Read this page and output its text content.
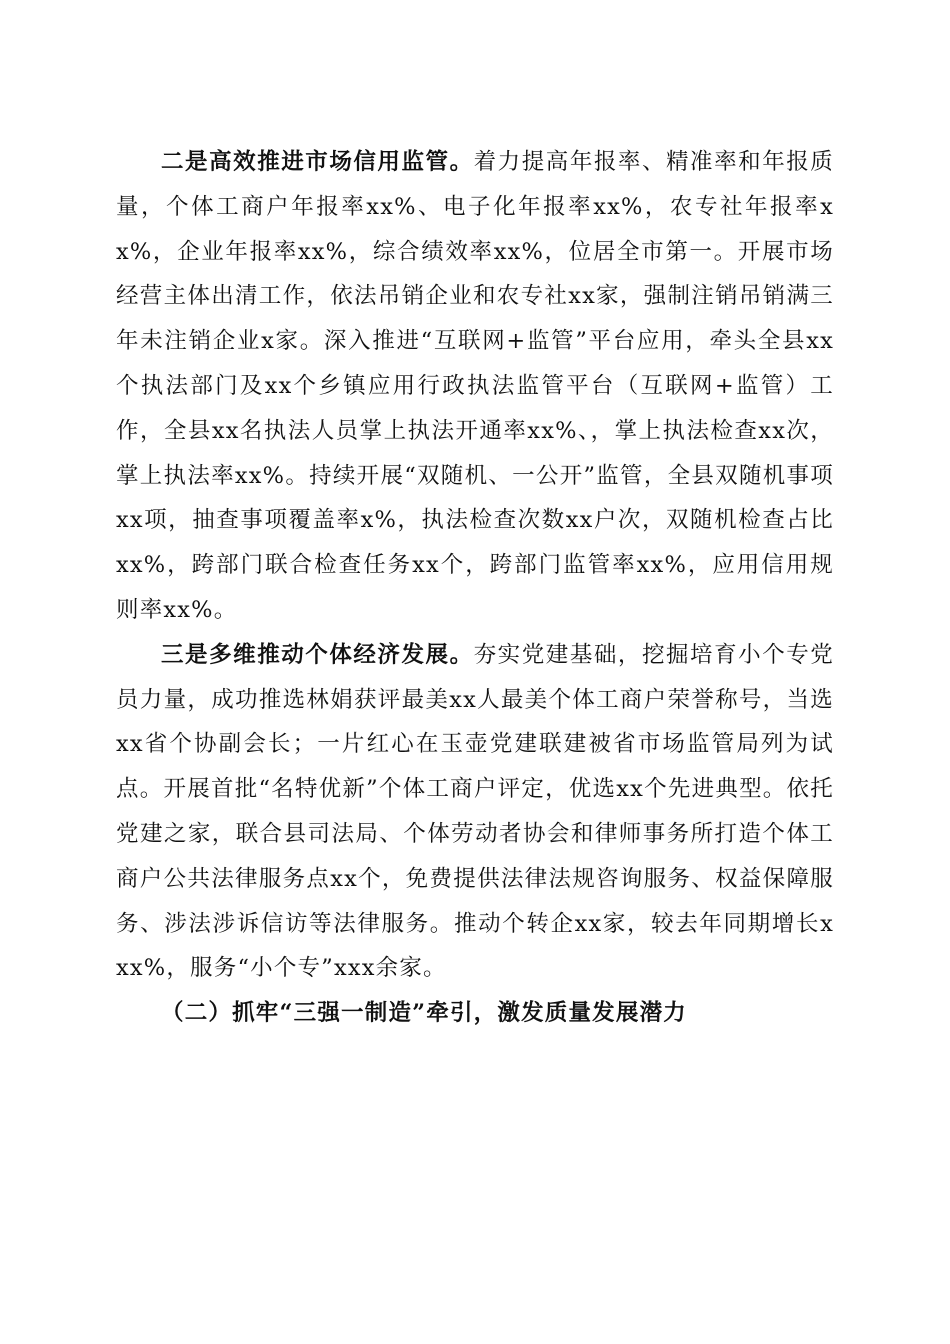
二是高效推进市场信用监管。着力提高年报率、精准率和年报质量，个体工商户年报率xx%、电子化年报率xx%，农专社年报率xx%，企业年报率xx%，综合绩效率xx%，位居全市第一。开展市场经营主体出清工作，依法吊销企业和农专社xx家，强制注销吊销满三年未注销企业x家。深入推进“互联网+监管”平台应用，牵头全县xx个执法部门及xx个乡镇应用行政执法监管平台（互联网+监管）工作，全县xx名执法人员掌上执法开通率xx%、，掌上执法检查xx次，掌上执法率xx%。持续开展“双随机、一公开”监管，全县双随机事项xx项，抽查事项覆盖率x%，执法检查次数xx户次，双随机检查占比xx%，跨部门联合检查任务xx个，跨部门监管率xx%，应用信用规则率xx%。

三是多维推动个体经济发展。夯实党建基础，挖掘培育小个专党员力量，成功推选林娟获评最美xx人最美个体工商户荣誉称号，当选xx省个协副会长；一片红心在玉壶党建联建被省市场监管局列为试点。开展首批“名特优新”个体工商户评定，优选xx个先进典型。依托党建之家，联合县司法局、个体劳动者协会和律师事务所打造个体工商户公共法律服务点xx个，免费提供法律法规咨询服务、权益保障服务、涉法涉诉信访等法律服务。推动个转企xx家，较去年同期增长xxx%，服务“小个专”xxx余家。

（二）抓牢“三强一制造”牵引，激发质量发展潜力
